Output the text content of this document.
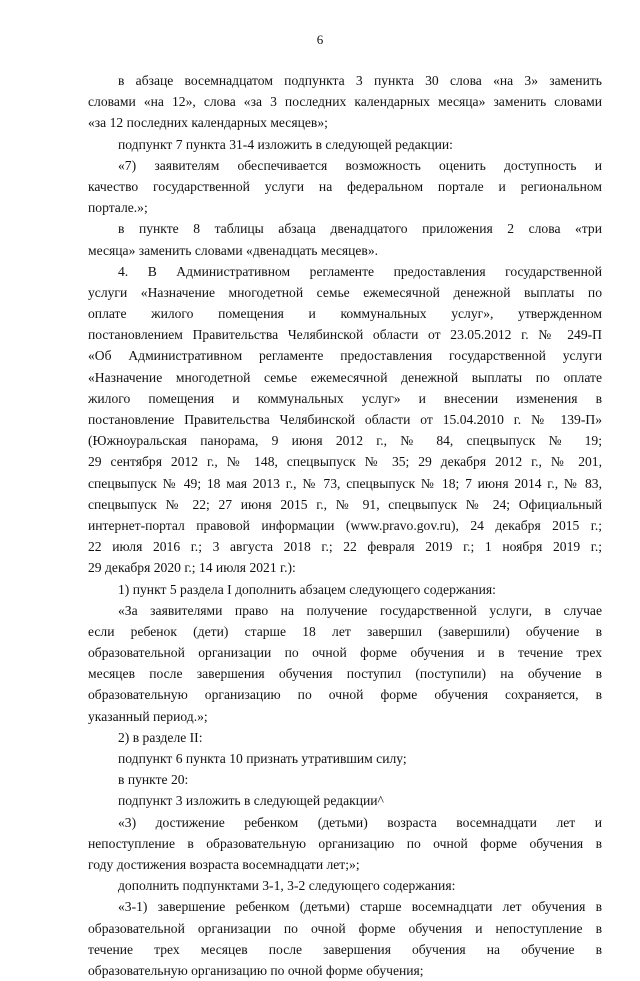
6
в абзаце восемнадцатом подпункта 3 пункта 30 слова «на 3» заменить
словами «на 12», слова «за 3 последних календарных месяца» заменить словами
«за 12 последних календарных месяцев»;
подпункт 7 пункта 31-4 изложить в следующей редакции:
«7) заявителям обеспечивается возможность оценить доступность и
качество государственной услуги на федеральном портале и региональном
портале.»;
в пункте 8 таблицы абзаца двенадцатого приложения 2 слова «три
месяца» заменить словами «двенадцать месяцев».
4. В Административном регламенте предоставления государственной
услуги «Назначение многодетной семье ежемесячной денежной выплаты по
оплате жилого помещения и коммунальных услуг», утвержденном
постановлением Правительства Челябинской области от 23.05.2012 г. № 249-П
«Об Административном регламенте предоставления государственной услуги
«Назначение многодетной семье ежемесячной денежной выплаты по оплате
жилого помещения и коммунальных услуг» и внесении изменения в
постановление Правительства Челябинской области от 15.04.2010 г. № 139-П»
(Южноуральская панорама, 9 июня 2012 г., № 84, спецвыпуск № 19;
29 сентября 2012 г., № 148, спецвыпуск № 35; 29 декабря 2012 г., № 201,
спецвыпуск № 49; 18 мая 2013 г., № 73, спецвыпуск № 18; 7 июня 2014 г., № 83,
спецвыпуск № 22; 27 июня 2015 г., № 91, спецвыпуск № 24; Официальный
интернет-портал правовой информации (www.pravo.gov.ru), 24 декабря 2015 г.;
22 июля 2016 г.; 3 августа 2018 г.; 22 февраля 2019 г.; 1 ноября 2019 г.;
29 декабря 2020 г.; 14 июля 2021 г.):
1) пункт 5 раздела I дополнить абзацем следующего содержания:
«За заявителями право на получение государственной услуги, в случае
если ребенок (дети) старше 18 лет завершил (завершили) обучение в
образовательной организации по очной форме обучения и в течение трех
месяцев после завершения обучения поступил (поступили) на обучение в
образовательную организацию по очной форме обучения сохраняется, в
указанный период.»;
2) в разделе II:
подпункт 6 пункта 10 признать утратившим силу;
в пункте 20:
подпункт 3 изложить в следующей редакции^
«3) достижение ребенком (детьми) возраста восемнадцати лет и
непоступление в образовательную организацию по очной форме обучения в
году достижения возраста восемнадцати лет;»;
дополнить подпунктами 3-1, 3-2 следующего содержания:
«3-1) завершение ребенком (детьми) старше восемнадцати лет обучения в
образовательной организации по очной форме обучения и непоступление в
течение трех месяцев после завершения обучения на обучение в
образовательную организацию по очной форме обучения;
